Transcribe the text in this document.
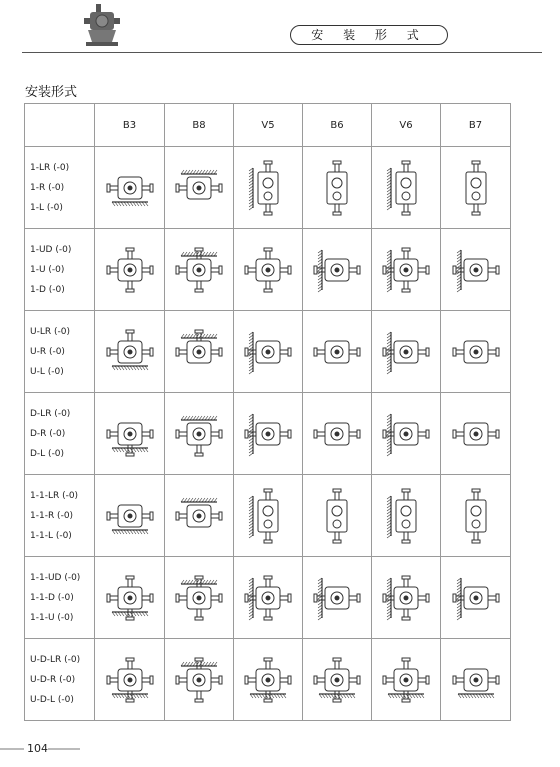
安 装 形 式
安装形式
	B3	B8	V5	B6	V6	B7

1-LR (-0)
1-R (-0)
1-L (-0)

1-UD (-0)
1-U (-0)
1-D (-0)

U-LR (-0)
U-R (-0)
U-L (-0)

D-LR (-0)
D-R (-0)
D-L (-0)

1-1-LR (-0)
1-1-R (-0)
1-1-L (-0)

1-1-UD (-0)
1-1-D (-0)
1-1-U (-0)

U-D-LR (-0)
U-D-R (-0)
U-D-L (-0)

104
